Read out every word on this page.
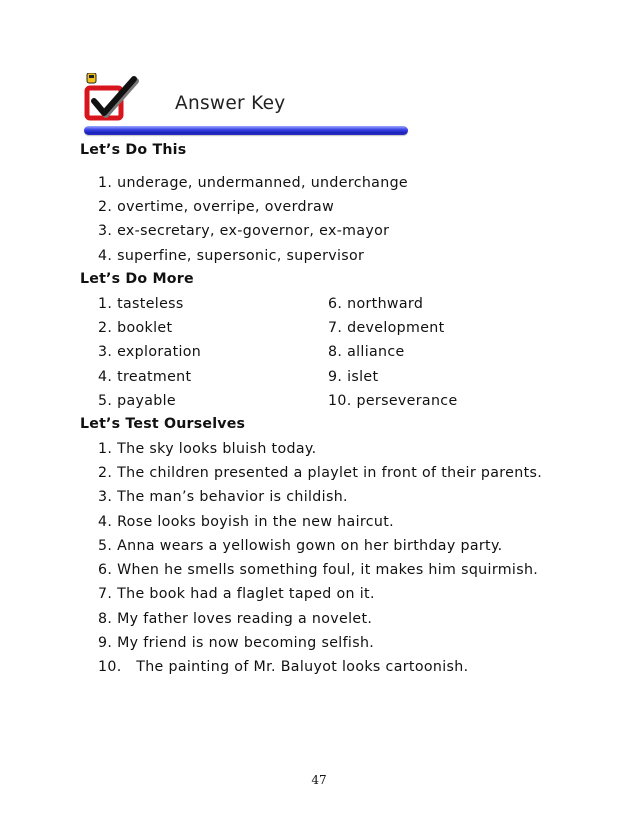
Answer Key
Let’s Do This
1. underage, undermanned, underchange
2. overtime, overripe, overdraw
3. ex-secretary, ex-governor, ex-mayor
4. superfine, supersonic, supervisor
Let’s Do More
1. tasteless
2. booklet
3. exploration
4. treatment
5. payable
6. northward
7. development
8. alliance
9. islet
10. perseverance
Let’s Test Ourselves
1. The sky looks bluish today.
2. The children presented a playlet in front of their parents.
3. The man’s behavior is childish.
4. Rose looks boyish in the new haircut.
5. Anna wears a yellowish gown on her birthday party.
6. When he smells something foul, it makes him squirmish.
7. The book had a flaglet taped on it.
8. My father loves reading a novelet.
9. My friend is now becoming selfish.
10.   The painting of Mr. Baluyot looks cartoonish.
47
